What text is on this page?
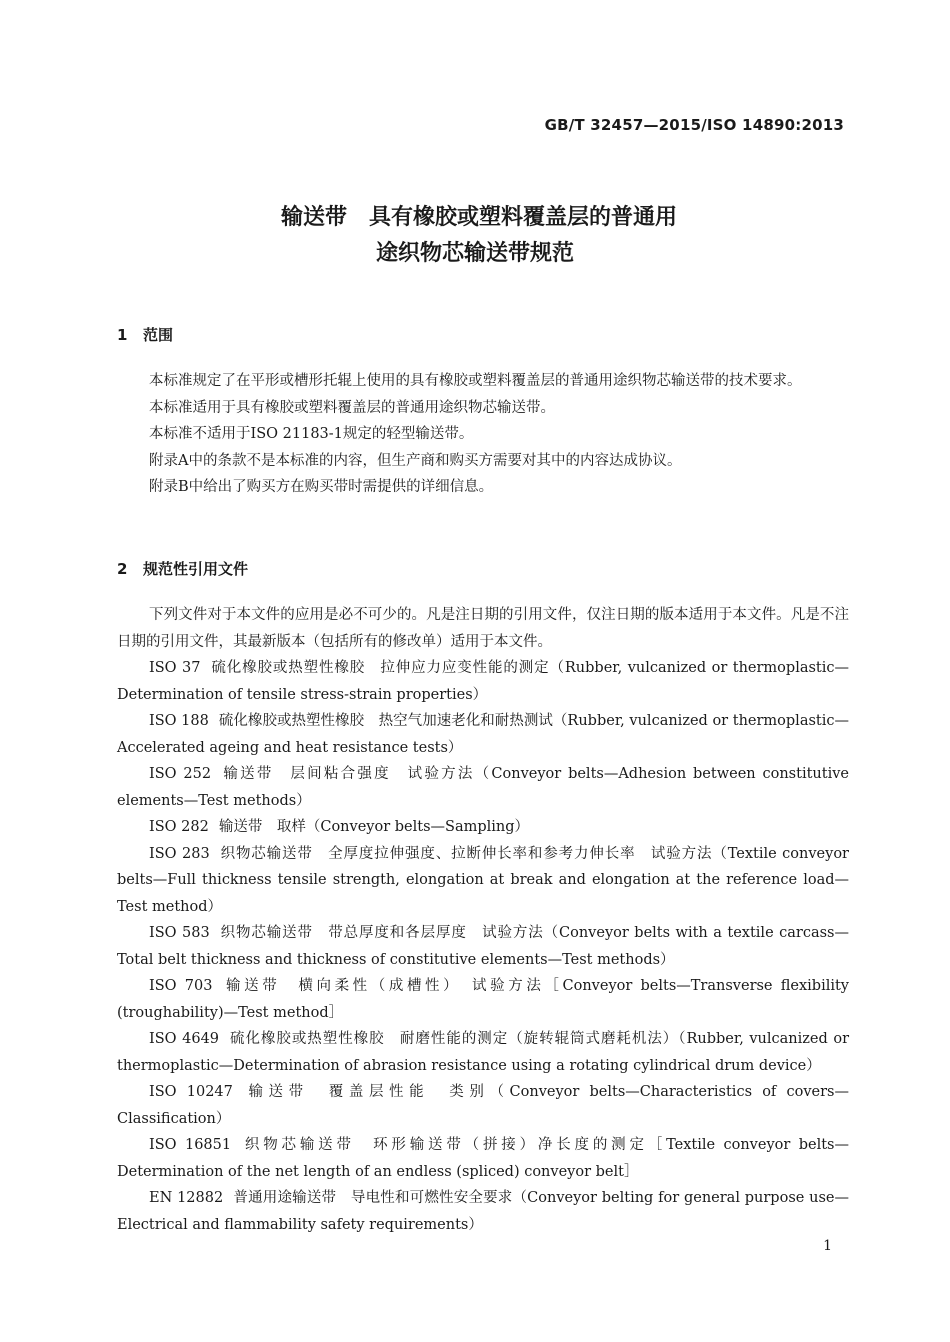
GB/T 32457—2015/ISO 14890:2013
输送带　具有橡胶或塑料覆盖层的普通用
途织物芯输送带规范
1 范围

本标准规定了在平形或槽形托辊上使用的具有橡胶或塑料覆盖层的普通用途织物芯输送带的技术要求。

本标准适用于具有橡胶或塑料覆盖层的普通用途织物芯输送带。

本标准不适用于ISO 21183-1规定的轻型输送带。

附录A中的条款不是本标准的内容，但生产商和购买方需要对其中的内容达成协议。

附录B中给出了购买方在购买带时需提供的详细信息。

2 规范性引用文件

下列文件对于本文件的应用是必不可少的。凡是注日期的引用文件，仅注日期的版本适用于本文件。凡是不注日期的引用文件，其最新版本（包括所有的修改单）适用于本文件。

ISO 37 硫化橡胶或热塑性橡胶　拉伸应力应变性能的测定（Rubber, vulcanized or thermoplastic—Determination of tensile stress-strain properties）
ISO 188 硫化橡胶或热塑性橡胶　热空气加速老化和耐热测试（Rubber, vulcanized or thermoplastic—Accelerated ageing and heat resistance tests）
ISO 252 输送带　层间粘合强度　试验方法（Conveyor belts—Adhesion between constitutive elements—Test methods）
ISO 282 输送带　取样（Conveyor belts—Sampling）
ISO 283 织物芯输送带　全厚度拉伸强度、拉断伸长率和参考力伸长率　试验方法（Textile conveyor belts—Full thickness tensile strength, elongation at break and elongation at the reference load—Test method）
ISO 583 织物芯输送带　带总厚度和各层厚度　试验方法（Conveyor belts with a textile carcass—Total belt thickness and thickness of constitutive elements—Test methods）
ISO 703 输送带　横向柔性（成槽性）　试验方法［Conveyor belts—Transverse flexibility (troughability)—Test method］
ISO 4649 硫化橡胶或热塑性橡胶　耐磨性能的测定（旋转辊筒式磨耗机法）（Rubber, vulcanized or thermoplastic—Determination of abrasion resistance using a rotating cylindrical drum device）
ISO 10247 输送带　覆盖层性能　类别（Conveyor belts—Characteristics of covers—Classification）
ISO 16851 织物芯输送带　环形输送带（拼接）净长度的测定［Textile conveyor belts—Determination of the net length of an endless (spliced) conveyor belt］
EN 12882 普通用途输送带　导电性和可燃性安全要求（Conveyor belting for general purpose use—Electrical and flammability safety requirements）
1
